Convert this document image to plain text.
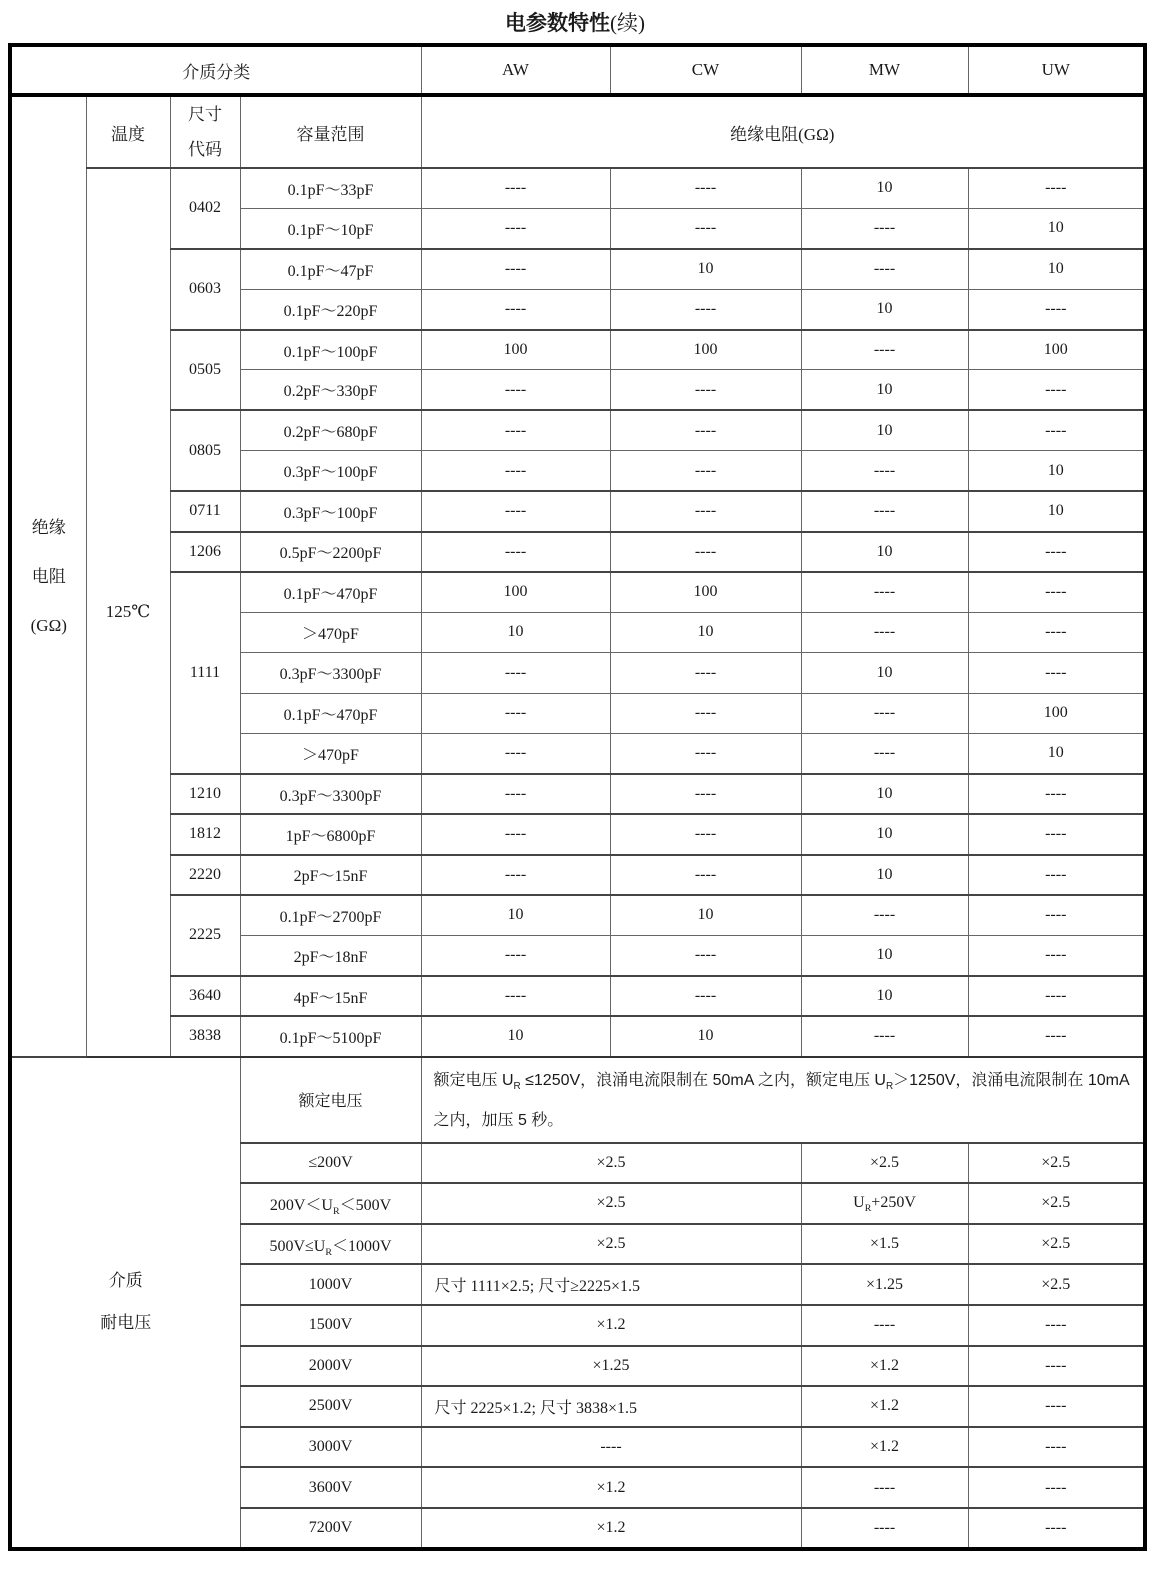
电参数特性(续)
介质分类				AW	CW	MW	UW

绝缘
电阻
(GΩ)
	温度	
尺寸
代码
	容量范围	绝缘电阻(GΩ)
	125℃	0402	0.1pF～33pF	----	----	10	----
			0.1pF～10pF	----	----	----	10
		0603	0.1pF～47pF	----	10	----	10
			0.1pF～220pF	----	----	10	----
		0505	0.1pF～100pF	100	100	----	100
			0.2pF～330pF	----	----	10	----
		0805	0.2pF～680pF	----	----	10	----
			0.3pF～100pF	----	----	----	10
		0711	0.3pF～100pF	----	----	----	10
		1206	0.5pF～2200pF	----	----	10	----
		1111	0.1pF～470pF	100	100	----	----
			＞470pF	10	10	----	----
			0.3pF～3300pF	----	----	10	----
			0.1pF～470pF	----	----	----	100
			＞470pF	----	----	----	10
		1210	0.3pF～3300pF	----	----	10	----
		1812	1pF～6800pF	----	----	10	----
		2220	2pF～15nF	----	----	10	----
		2225	0.1pF～2700pF	10	10	----	----
			2pF～18nF	----	----	10	----
		3640	4pF～15nF	----	----	10	----
		3838	0.1pF～5100pF	10	10	----	----

介质
耐电压			额定电压	额定电压 $U_R \le 1250V$，浪涌电流限制在 50mA 之内，额定电压 $U_R>1250V$，浪涌电流限制在 10mA 之内，加压 5 秒。			
			≤200V	×2.5		×2.5	×2.5
			$200V<U_R<500V$	×2.5		$U_R+250V$	×2.5
			$500V\le U_R<1000V$	×2.5		×1.5	×2.5
			1000V	尺寸 1111×2.5; 尺寸≥2225×1.5		×1.25	×2.5
			1500V	×1.2		----	----
			2000V	×1.25		×1.2	----
			2500V	尺寸 2225×1.2; 尺寸 3838×1.5		×1.2	----
			3000V	----		×1.2	----
			3600V	×1.2		----	----
			7200V	×1.2		----	----
